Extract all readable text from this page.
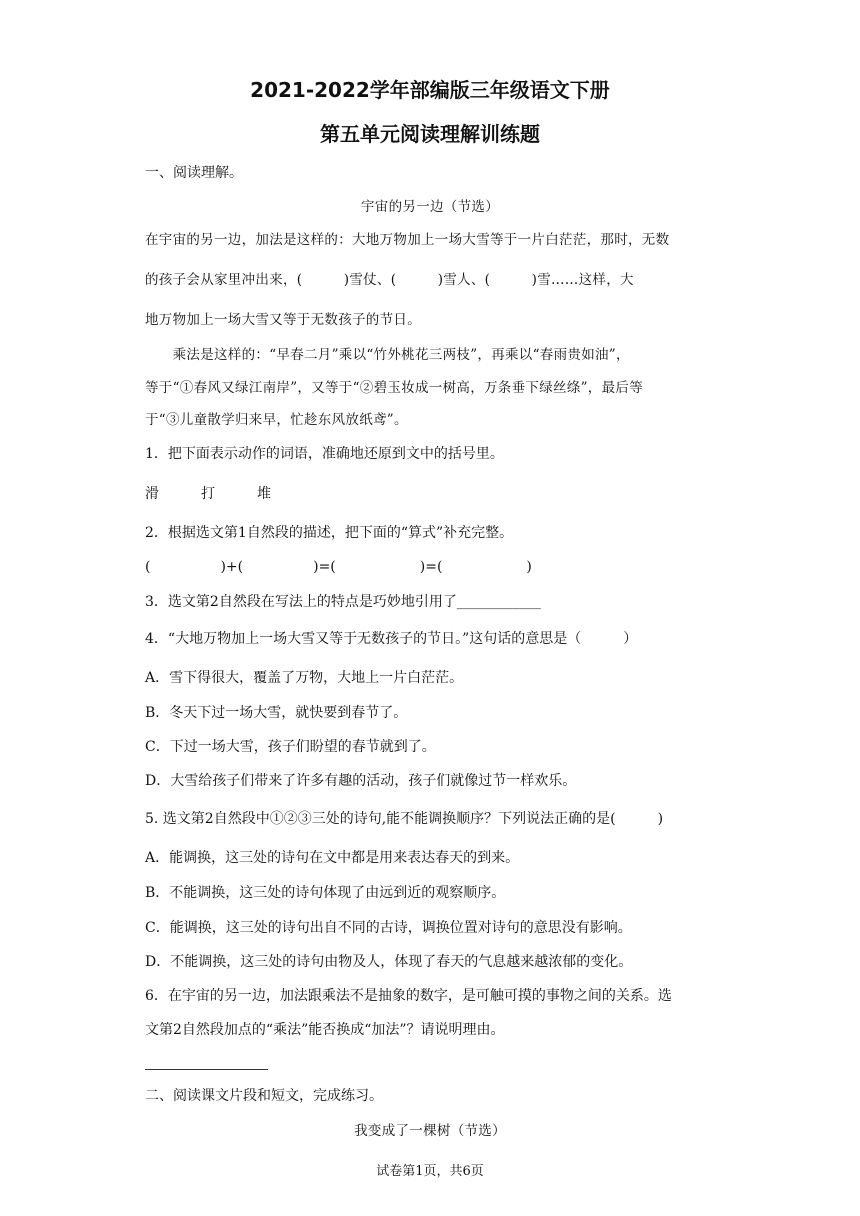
2021-2022学年部编版三年级语文下册
第五单元阅读理解训练题
一、阅读理解。
宇宙的另一边（节选）
在宇宙的另一边，加法是这样的：大地万物加上一场大雪等于一片白茫茫，那时，无数
的孩子会从家里冲出来，(　　　)雪仗、(　　　)雪人、(　　　)雪……这样，大
地万物加上一场大雪又等于无数孩子的节日。
　　乘法是这样的：“早春二月”乘以“竹外桃花三两枝”，再乘以“春雨贵如油”，
等于“①春风又绿江南岸”，又等于“②碧玉妆成一树高，万条垂下绿丝绦”，最后等
于“③儿童散学归来早，忙趁东风放纸鸢”。
1．把下面表示动作的词语，准确地还原到文中的括号里。
滑　　　打　　　堆
2．根据选文第1自然段的描述，把下面的“算式”补充完整。
(　　　　　)+(　　　　　)=(　　　　　　)=(　　　　　　)
3．选文第2自然段在写法上的特点是巧妙地引用了____________
4．“大地万物加上一场大雪又等于无数孩子的节日。”这句话的意思是（　　　）
A．雪下得很大，覆盖了万物，大地上一片白茫茫。
B．冬天下过一场大雪，就快要到春节了。
C．下过一场大雪，孩子们盼望的春节就到了。
D．大雪给孩子们带来了许多有趣的活动，孩子们就像过节一样欢乐。
5. 选文第2自然段中①②③三处的诗句,能不能调换顺序？下列说法正确的是(　　　)
A．能调换，这三处的诗句在文中都是用来表达春天的到来。
B．不能调换，这三处的诗句体现了由远到近的观察顺序。
C．能调换，这三处的诗句出自不同的古诗，调换位置对诗句的意思没有影响。
D．不能调换，这三处的诗句由物及人，体现了春天的气息越来越浓郁的变化。
6．在宇宙的另一边，加法跟乘法不是抽象的数字，是可触可摸的事物之间的关系。选
文第2自然段加点的“乘法”能否换成“加法”？请说明理由。
二、阅读课文片段和短文，完成练习。
我变成了一棵树（节选）
试卷第1页，共6页
